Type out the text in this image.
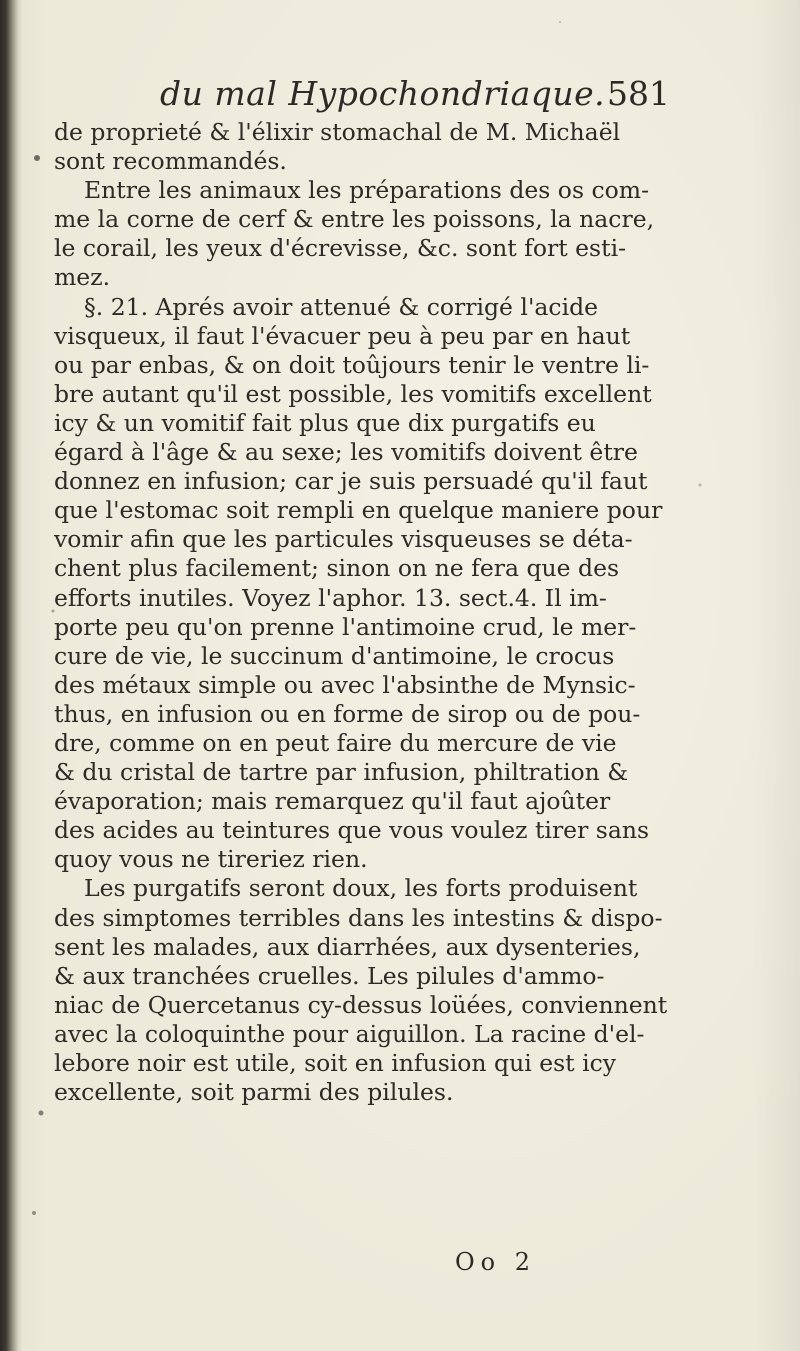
du mal Hypochondriaque. 581
de proprieté & l'élixir stomachal de M. Michaël
sont recommandés.
Entre les animaux les préparations des os com-
me la corne de cerf & entre les poissons, la nacre,
le corail, les yeux d'écrevisse, &c. sont fort esti-
mez.
§. 21. Aprés avoir attenué & corrigé l'acide
visqueux, il faut l'évacuer peu à peu par en haut
ou par enbas, & on doit toûjours tenir le ventre li-
bre autant qu'il est possible, les vomitifs excellent
icy & un vomitif fait plus que dix purgatifs eu
égard à l'âge & au sexe; les vomitifs doivent être
donnez en infusion; car je suis persuadé qu'il faut
que l'estomac soit rempli en quelque maniere pour
vomir afin que les particules visqueuses se déta-
chent plus facilement; sinon on ne fera que des
efforts inutiles. Voyez l'aphor. 13. sect.4. Il im-
porte peu qu'on prenne l'antimoine crud, le mer-
cure de vie, le succinum d'antimoine, le crocus
des métaux simple ou avec l'absinthe de Mynsic-
thus, en infusion ou en forme de sirop ou de pou-
dre, comme on en peut faire du mercure de vie
& du cristal de tartre par infusion, philtration &
évaporation; mais remarquez qu'il faut ajoûter
des acides au teintures que vous voulez tirer sans
quoy vous ne tireriez rien.
Les purgatifs seront doux, les forts produisent
des simptomes terribles dans les intestins & dispo-
sent les malades, aux diarrhées, aux dysenteries,
& aux tranchées cruelles. Les pilules d'ammo-
niac de Quercetanus cy-dessus loüées, conviennent
avec la coloquinthe pour aiguillon. La racine d'el-
lebore noir est utile, soit en infusion qui est icy
excellente, soit parmi des pilules.
Oo 2
